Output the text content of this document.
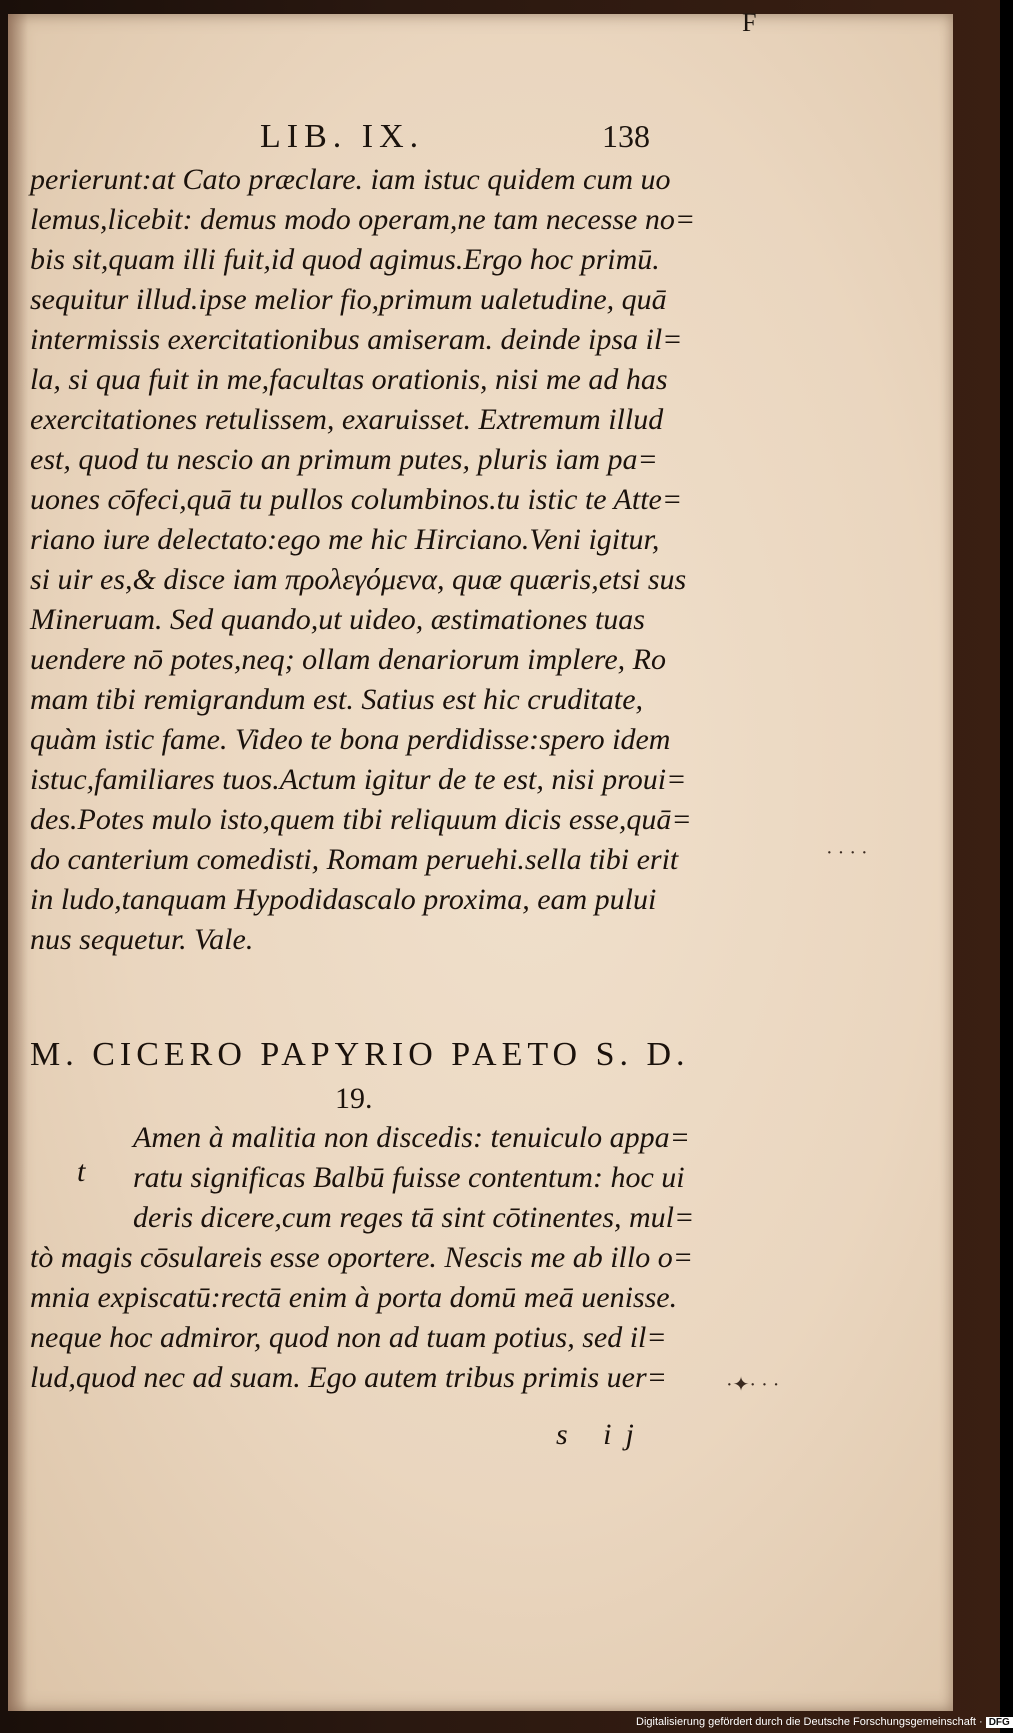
F
LIB. IX.	138
perierunt:at Cato præclare. iam istuc quidem cum uo
lemus,licebit: demus modo operam,ne tam necesse no=
bis sit,quam illi fuit,id quod agimus.Ergo hoc primū.
sequitur illud.ipse melior fio,primum ualetudine, quā
intermissis exercitationibus amiseram. deinde ipsa il=
la, si qua fuit in me,facultas orationis, nisi me ad has
exercitationes retulissem, exaruisset. Extremum illud
est, quod tu nescio an primum putes, pluris iam pa=
uones cōfeci,quā tu pullos columbinos.tu istic te Atte=
riano iure delectato:ego me hic Hirciano.Veni igitur,
si uir es,& disce iam προλεγόμενα, quæ quæris,etsi sus
Mineruam. Sed quando,ut uideo, æstimationes tuas
uendere nō potes,neq; ollam denariorum implere, Ro
mam tibi remigrandum est. Satius est hic cruditate,
quàm istic fame. Video te bona perdidisse:spero idem
istuc,familiares tuos.Actum igitur de te est, nisi proui=
des.Potes mulo isto,quem tibi reliquum dicis esse,quā=
do canterium comedisti, Romam peruehi.sella tibi erit
in ludo,tanquam Hypodidascalo proxima, eam pului
nus sequetur. Vale.
M. CICERO PAPYRIO PAETO S. D.
19.
t
Amen à malitia non discedis: tenuiculo appa=
ratu significas Balbū fuisse contentum: hoc ui
deris dicere,cum reges tā sint cōtinentes, mul=
tò magis cōsulareis esse oportere. Nescis me ab illo o=
mnia expiscatū:rectā enim à porta domū meā uenisse.
neque hoc admiror, quod non ad tuam potius, sed il=
lud,quod nec ad suam. Ego autem tribus primis uer=
s ij
· · · ·
·✦· · ·
Digitalisierung gefördert durch die Deutsche Forschungsgemeinschaft · DFG
